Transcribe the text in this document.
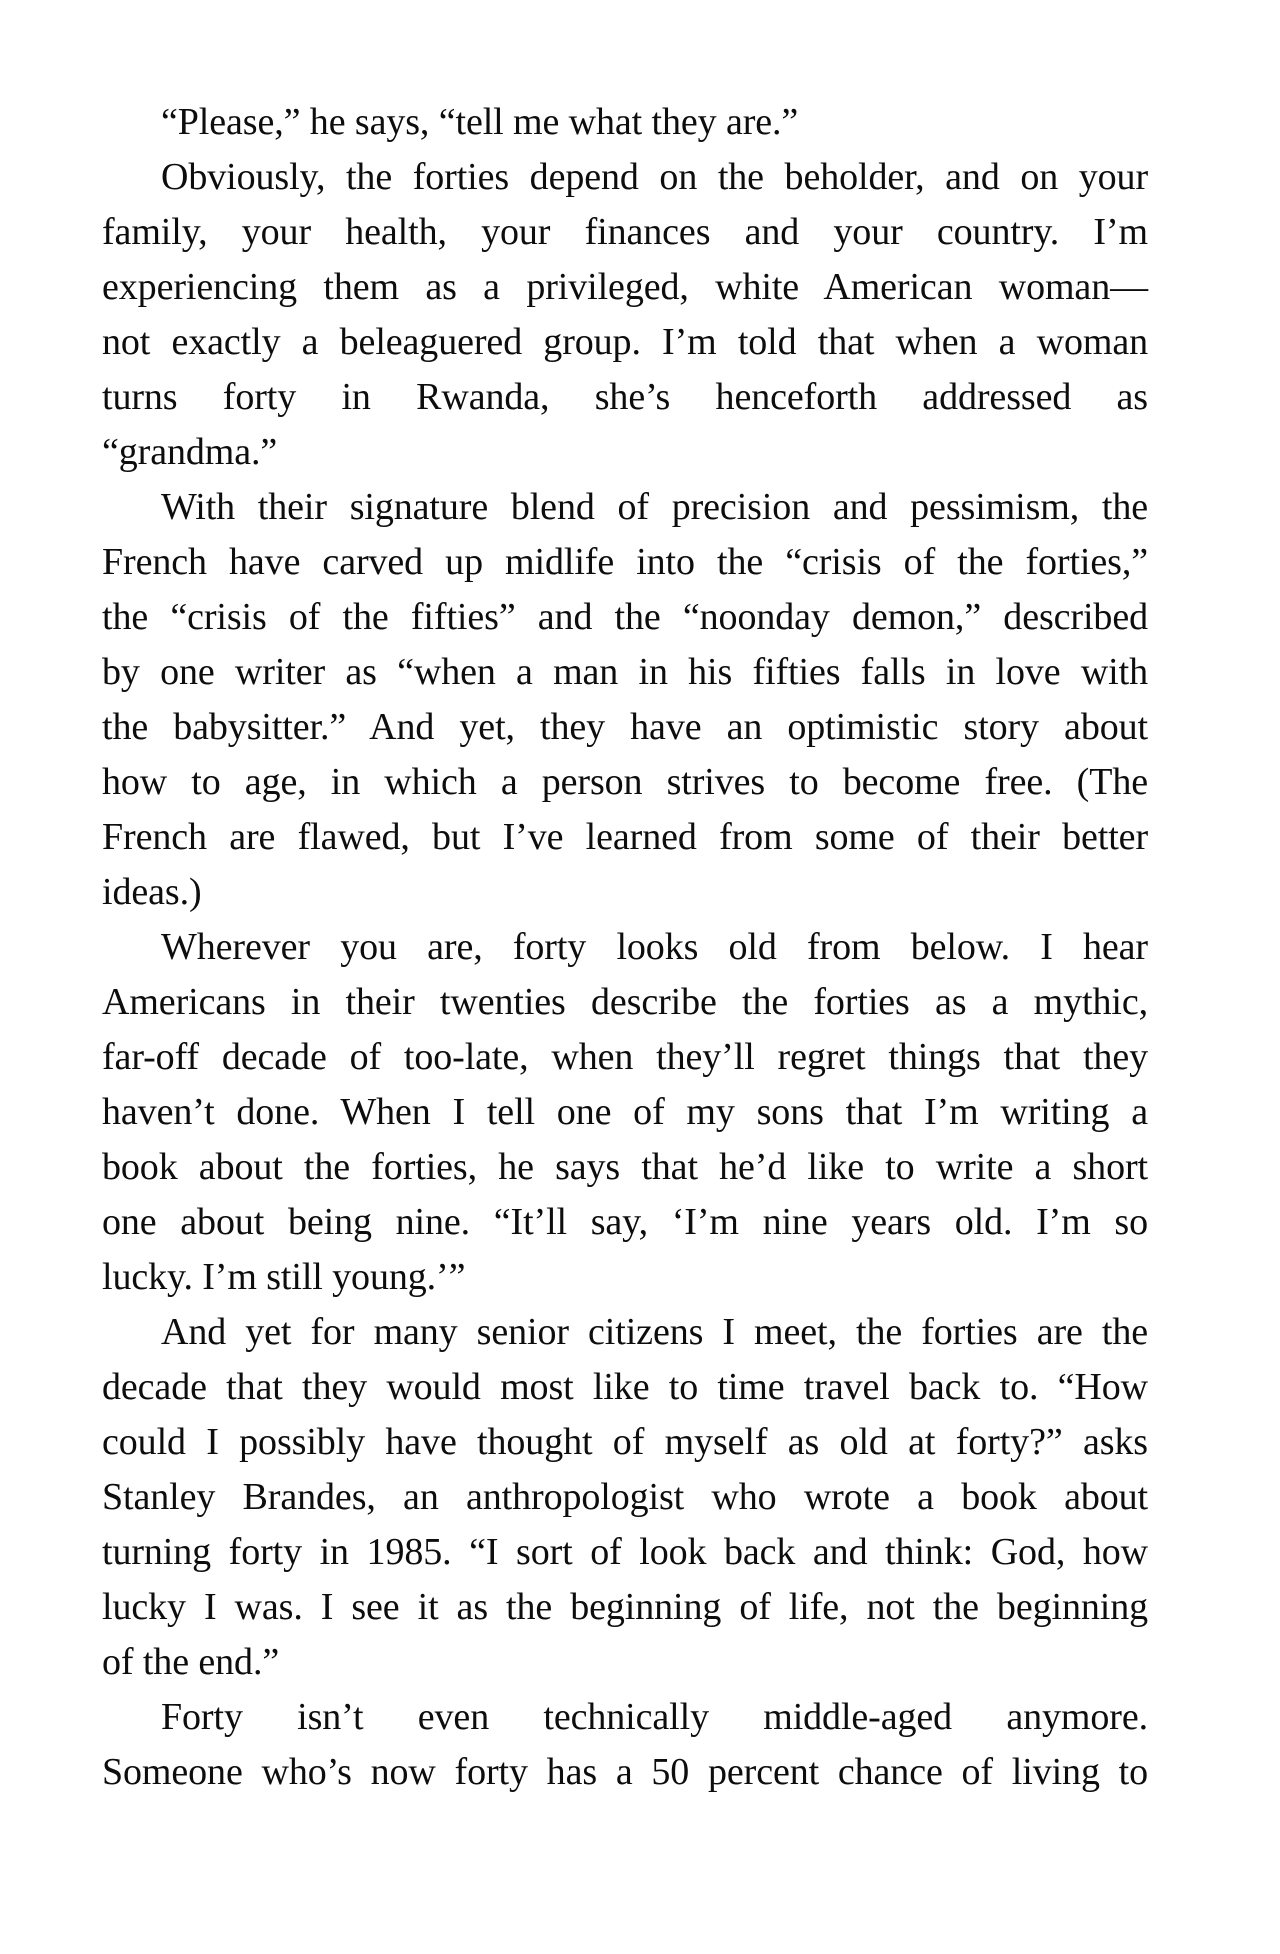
“Please,” he says, “tell me what they are.”

Obviously, the forties depend on the beholder, and on your
family, your health, your finances and your country. I’m
experiencing them as a privileged, white American woman—
not exactly a beleaguered group. I’m told that when a woman
turns forty in Rwanda, she’s henceforth addressed as
“grandma.”

With their signature blend of precision and pessimism, the
French have carved up midlife into the “crisis of the forties,”
the “crisis of the fifties” and the “noonday demon,” described
by one writer as “when a man in his fifties falls in love with
the babysitter.” And yet, they have an optimistic story about
how to age, in which a person strives to become free. (The
French are flawed, but I’ve learned from some of their better
ideas.)

Wherever you are, forty looks old from below. I hear
Americans in their twenties describe the forties as a mythic,
far-off decade of too-late, when they’ll regret things that they
haven’t done. When I tell one of my sons that I’m writing a
book about the forties, he says that he’d like to write a short
one about being nine. “It’ll say, ‘I’m nine years old. I’m so
lucky. I’m still young.’”

And yet for many senior citizens I meet, the forties are the
decade that they would most like to time travel back to. “How
could I possibly have thought of myself as old at forty?” asks
Stanley Brandes, an anthropologist who wrote a book about
turning forty in 1985. “I sort of look back and think: God, how
lucky I was. I see it as the beginning of life, not the beginning
of the end.”

Forty isn’t even technically middle-aged anymore.
Someone who’s now forty has a 50 percent chance of living to
